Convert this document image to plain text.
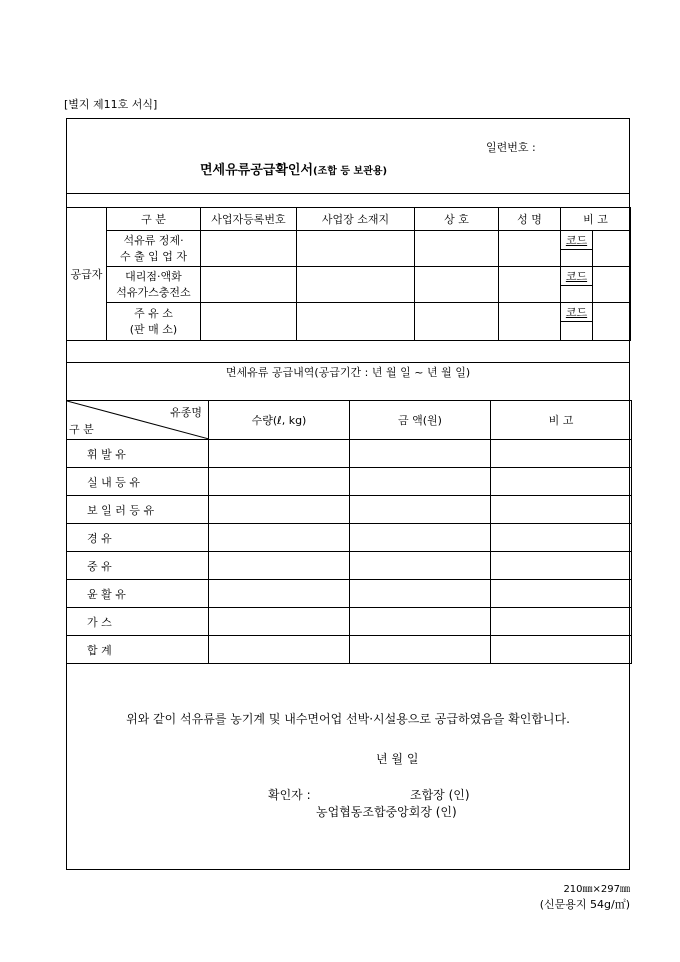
[별지 제11호 서식]
일련번호 :
면세유류공급확인서(조합 등 보관용)
공급자	구 분	사업자등록번호	사업장 소재지	상 호	성 명	비 고	

	석유류 정제·
수 출 입 업 자					코드	

	대리점·액화
석유가스충전소					코드	

	주 유 소
(판 매 소)					코드	

면세유류 공급내역(공급기간 : 년 월 일 ~ 년 월 일)
유종명
구 분	수량(ℓ, kg)	금 액(원)	비 고
휘 발 유			
실 내 등 유			
보 일 러 등 유			
경 유			
중 유			
윤 활 유			
가 스			
합 계			
위와 같이 석유류를 농기계 및 내수면어업 선박·시설용으로 공급하였음을 확인합니다.
년 월 일
확인자 :	조합장 (인)
농업협동조합중앙회장 (인)
210㎜×297㎜
(신문용지 54g/㎡)
